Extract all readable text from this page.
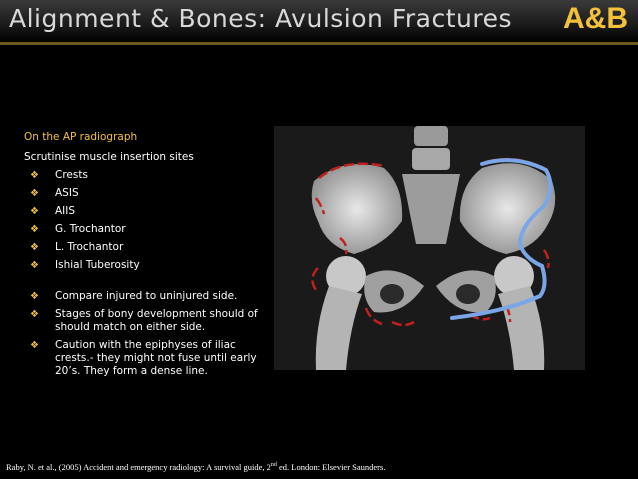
Alignment & Bones: Avulsion Fractures A&B
On the AP radiograph
Scrutinise muscle insertion sites
❖ Crests
❖ ASIS
❖ AIIS
❖ G. Trochantor
❖ L. Trochantor
❖ Ishial Tuberosity
❖ Compare injured to uninjured side.
❖ Stages of bony development should of should match on either side.
❖ Caution with the epiphyses of iliac crests.- they might not fuse until early 20’s. They form a dense line.
Raby, N. et al., (2005) Accident and emergency radiology: A survival guide, 2nd ed. London: Elsevier Saunders.
